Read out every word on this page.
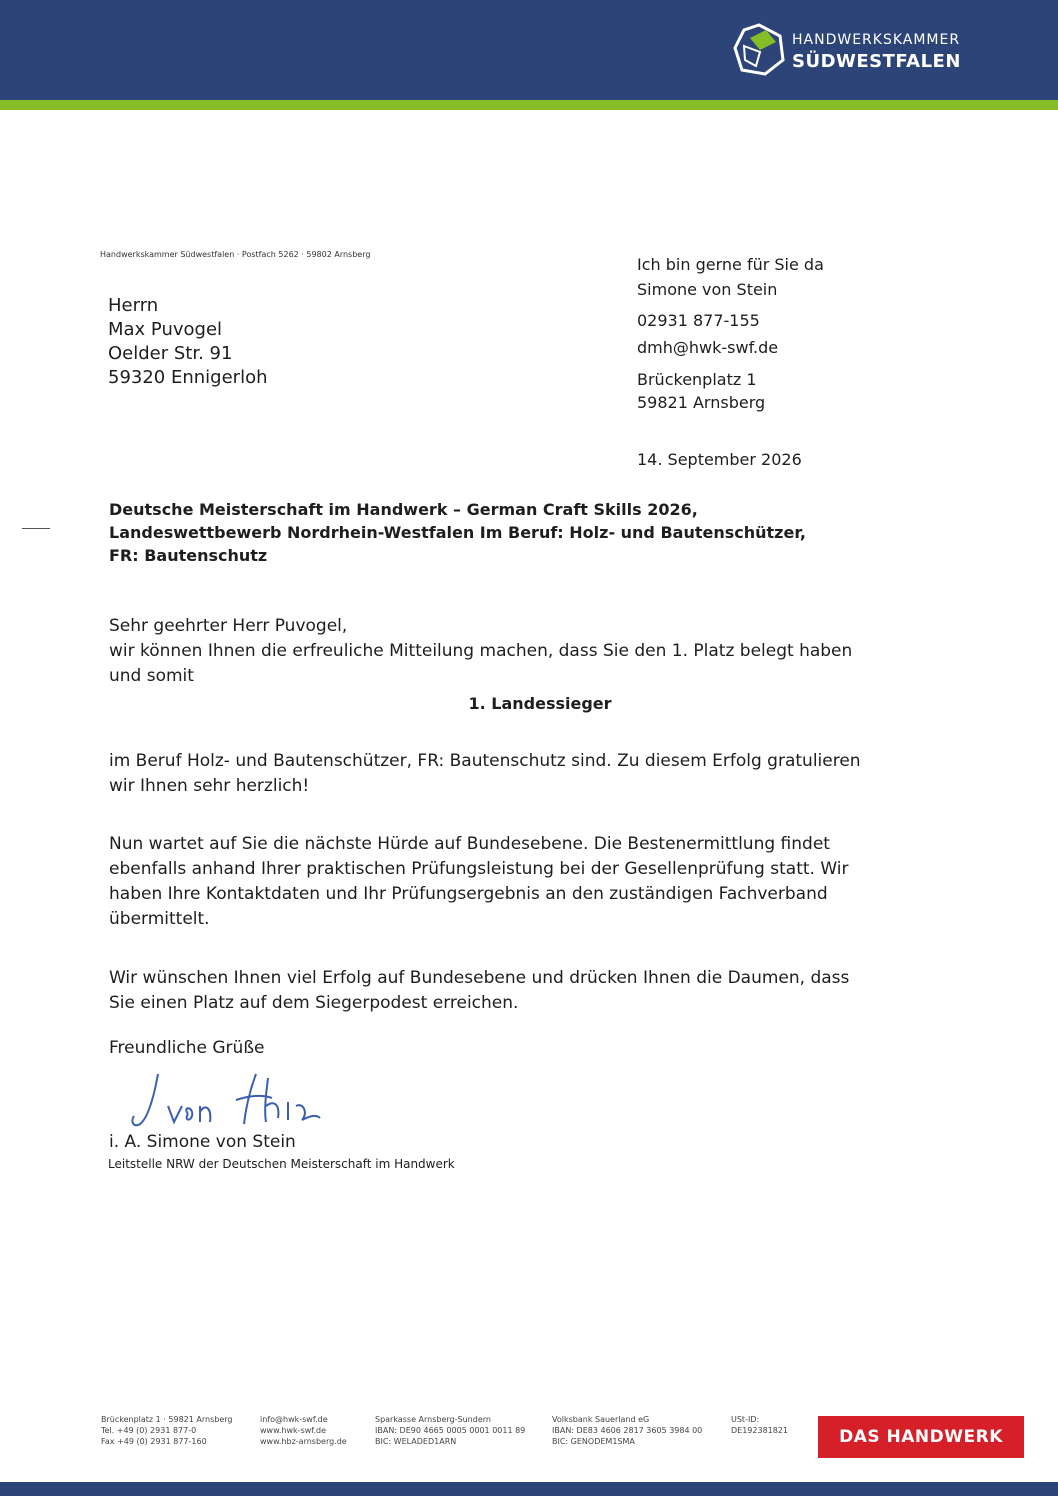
HANDWERKSKAMMER
SÜDWESTFALEN
Handwerkskammer Südwestfalen · Postfach 5262 · 59802 Arnsberg
Herrn
Max Puvogel
Oelder Str. 91
59320 Ennigerloh
Ich bin gerne für Sie da
Simone von Stein
02931 877-155
dmh@hwk-swf.de
Brückenplatz 1
59821 Arnsberg
14. September 2026
Deutsche Meisterschaft im Handwerk – German Craft Skills 2026,
Landeswettbewerb Nordrhein-Westfalen Im Beruf: Holz- und Bautenschützer,
FR: Bautenschutz
Sehr geehrter Herr Puvogel,
wir können Ihnen die erfreuliche Mitteilung machen, dass Sie den 1. Platz belegt haben
und somit
1. Landessieger
im Beruf Holz- und Bautenschützer, FR: Bautenschutz sind. Zu diesem Erfolg gratulieren
wir Ihnen sehr herzlich!
Nun wartet auf Sie die nächste Hürde auf Bundesebene. Die Bestenermittlung findet
ebenfalls anhand Ihrer praktischen Prüfungsleistung bei der Gesellenprüfung statt. Wir
haben Ihre Kontaktdaten und Ihr Prüfungsergebnis an den zuständigen Fachverband
übermittelt.
Wir wünschen Ihnen viel Erfolg auf Bundesebene und drücken Ihnen die Daumen, dass
Sie einen Platz auf dem Siegerpodest erreichen.
Freundliche Grüße
i. A. Simone von Stein
Leitstelle NRW der Deutschen Meisterschaft im Handwerk
Brückenplatz 1 · 59821 Arnsberg
Tel. +49 (0) 2931 877-0
Fax +49 (0) 2931 877-160
info@hwk-swf.de
www.hwk-swf.de
www.hbz-arnsberg.de
Sparkasse Arnsberg-Sundern
IBAN: DE90 4665 0005 0001 0011 89
BIC: WELADED1ARN
Volksbank Sauerland eG
IBAN: DE83 4606 2817 3605 3984 00
BIC: GENODEM1SMA
USt-ID:
DE192381821	DAS HANDWERK
